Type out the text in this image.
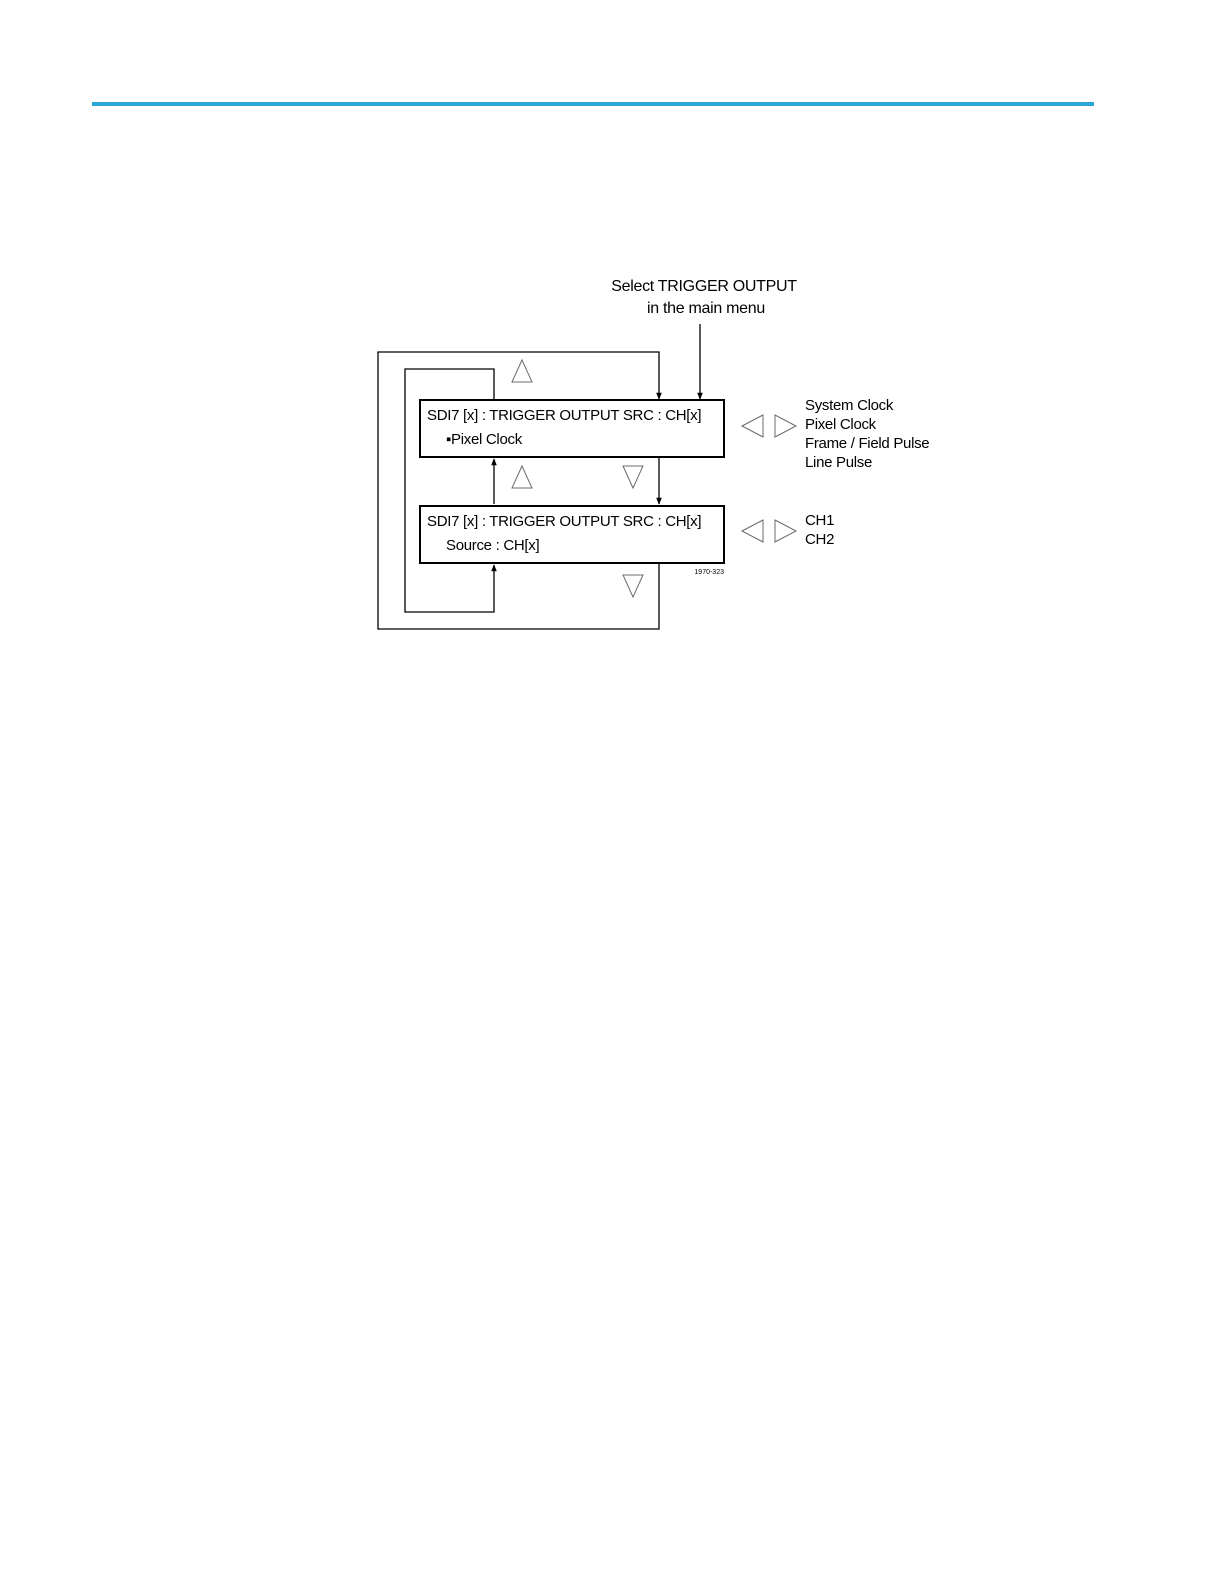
Select TRIGGER OUTPUT
in the main menu
SDI7 [x] : TRIGGER OUTPUT SRC : CH[x]
▪Pixel Clock
SDI7 [x] : TRIGGER OUTPUT SRC : CH[x]
Source : CH[x]
System Clock
Pixel Clock
Frame / Field Pulse
Line Pulse
CH1
CH2
1970-323
